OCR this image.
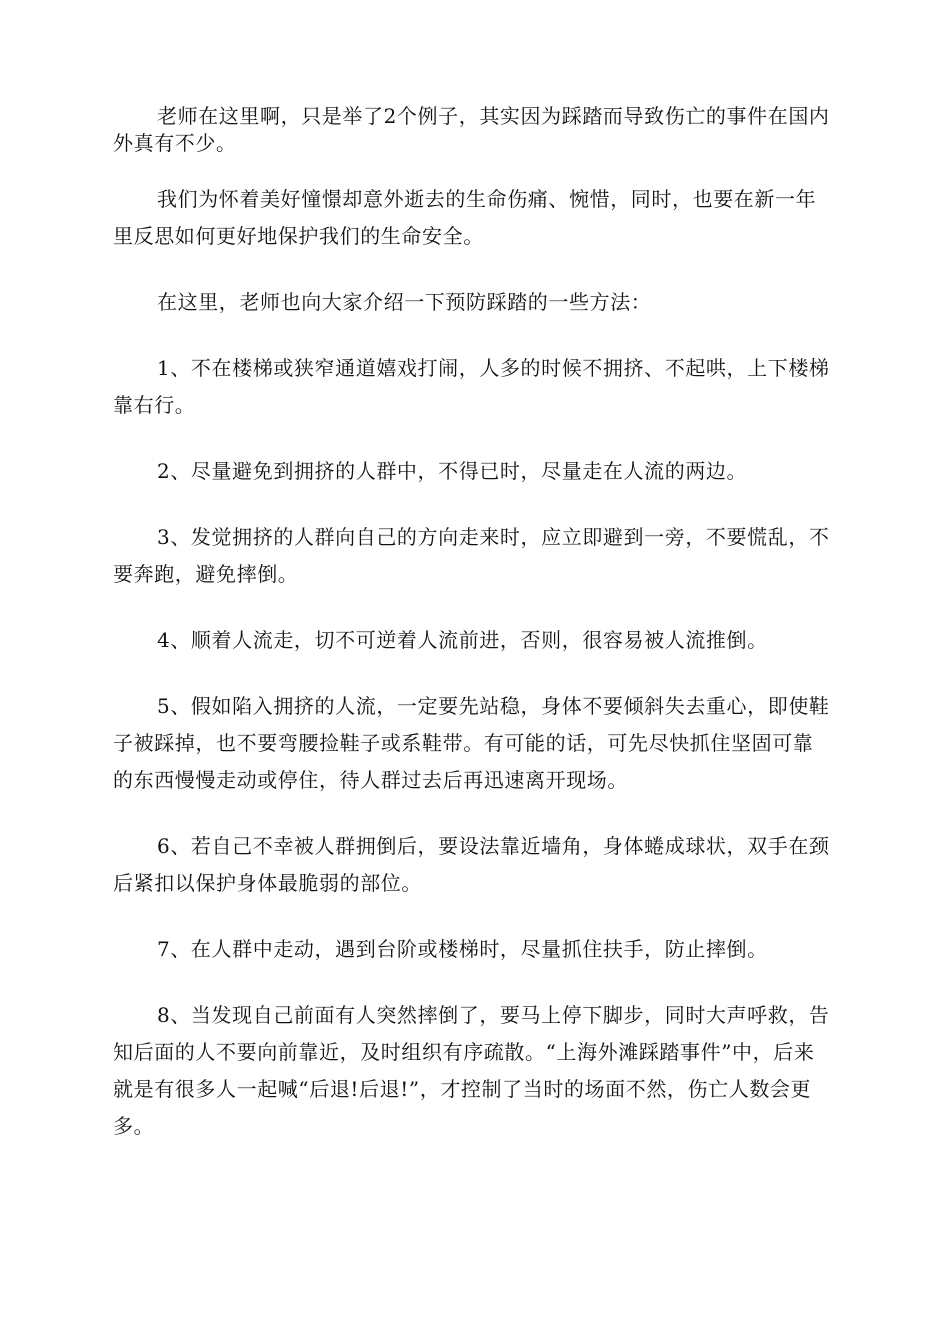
老师在这里啊，只是举了2个例子，其实因为踩踏而导致伤亡的事件在国内外真有不少。

我们为怀着美好憧憬却意外逝去的生命伤痛、惋惜，同时，也要在新一年里反思如何更好地保护我们的生命安全。

在这里，老师也向大家介绍一下预防踩踏的一些方法：

1、不在楼梯或狭窄通道嬉戏打闹，人多的时候不拥挤、不起哄，上下楼梯靠右行。

2、尽量避免到拥挤的人群中，不得已时，尽量走在人流的两边。

3、发觉拥挤的人群向自己的方向走来时，应立即避到一旁，不要慌乱，不要奔跑，避免摔倒。

4、顺着人流走，切不可逆着人流前进，否则，很容易被人流推倒。

5、假如陷入拥挤的人流，一定要先站稳，身体不要倾斜失去重心，即使鞋子被踩掉，也不要弯腰捡鞋子或系鞋带。有可能的话，可先尽快抓住坚固可靠的东西慢慢走动或停住，待人群过去后再迅速离开现场。

6、若自己不幸被人群拥倒后，要设法靠近墙角，身体蜷成球状，双手在颈后紧扣以保护身体最脆弱的部位。

7、在人群中走动，遇到台阶或楼梯时，尽量抓住扶手，防止摔倒。

8、当发现自己前面有人突然摔倒了，要马上停下脚步，同时大声呼救，告知后面的人不要向前靠近，及时组织有序疏散。“上海外滩踩踏事件”中，后来就是有很多人一起喊“后退!后退!”，才控制了当时的场面不然，伤亡人数会更多。
